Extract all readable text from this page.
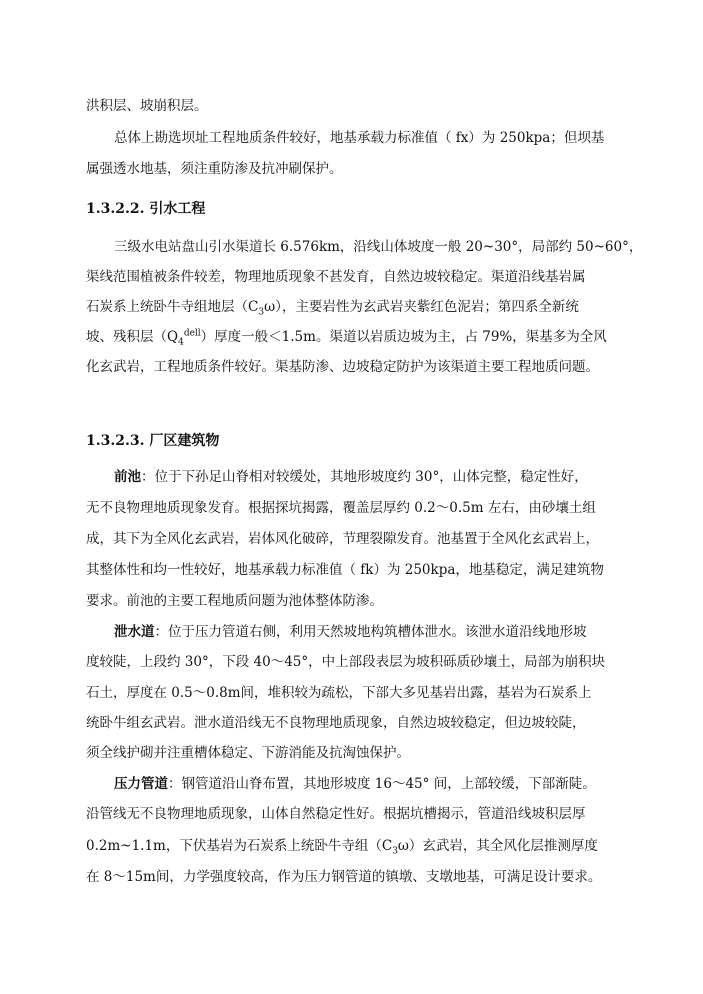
洪积层、坡崩积层。
总体上勘选坝址工程地质条件较好，地基承载力标准值（ fx）为 250kpa；但坝基
属强透水地基，须注重防渗及抗冲刷保护。
1.3.2.2. 引水工程
三级水电站盘山引水渠道长 6.576km，沿线山体坡度一般 20~30°，局部约 50~60°，
渠线范围植被条件较差，物理地质现象不甚发育，自然边坡较稳定。渠道沿线基岩属
石炭系上统卧牛寺组地层$(C_3\omega)$，主要岩性为玄武岩夹紫红色泥岩；第四系全新统
坡、残积层$(Q_4^{dell})$厚度一般＜1.5m。渠道以岩质边坡为主，占 79%，渠基多为全风
化玄武岩，工程地质条件较好。渠基防渗、边坡稳定防护为该渠道主要工程地质问题。
1.3.2.3. 厂区建筑物
前池：位于下孙足山脊相对较缓处，其地形坡度约 30°，山体完整，稳定性好，
无不良物理地质现象发育。根据探坑揭露，覆盖层厚约 0.2～0.5m 左右，由砂壤土组
成，其下为全风化玄武岩，岩体风化破碎，节理裂隙发育。池基置于全风化玄武岩上，
其整体性和均一性较好，地基承载力标准值（ fk）为 250kpa，地基稳定，满足建筑物
要求。前池的主要工程地质问题为池体整体防渗。
泄水道：位于压力管道右侧，利用天然坡地构筑槽体泄水。该泄水道沿线地形坡
度较陡，上段约 30°，下段 40～45°，中上部段表层为坡积砾质砂壤土，局部为崩积块
石土，厚度在 0.5～0.8m间，堆积较为疏松，下部大多见基岩出露，基岩为石炭系上
统卧牛组玄武岩。泄水道沿线无不良物理地质现象，自然边坡较稳定，但边坡较陡，
须全线护砌并注重槽体稳定、下游消能及抗淘蚀保护。
压力管道：钢管道沿山脊布置，其地形坡度 16～45° 间，上部较缓，下部渐陡。
沿管线无不良物理地质现象，山体自然稳定性好。根据坑槽揭示，管道沿线坡积层厚
0.2m~1.1m，下伏基岩为石炭系上统卧牛寺组$(C_3\omega)$玄武岩，其全风化层推测厚度
在 8～15m间，力学强度较高，作为压力钢管道的镇墩、支墩地基，可满足设计要求。
